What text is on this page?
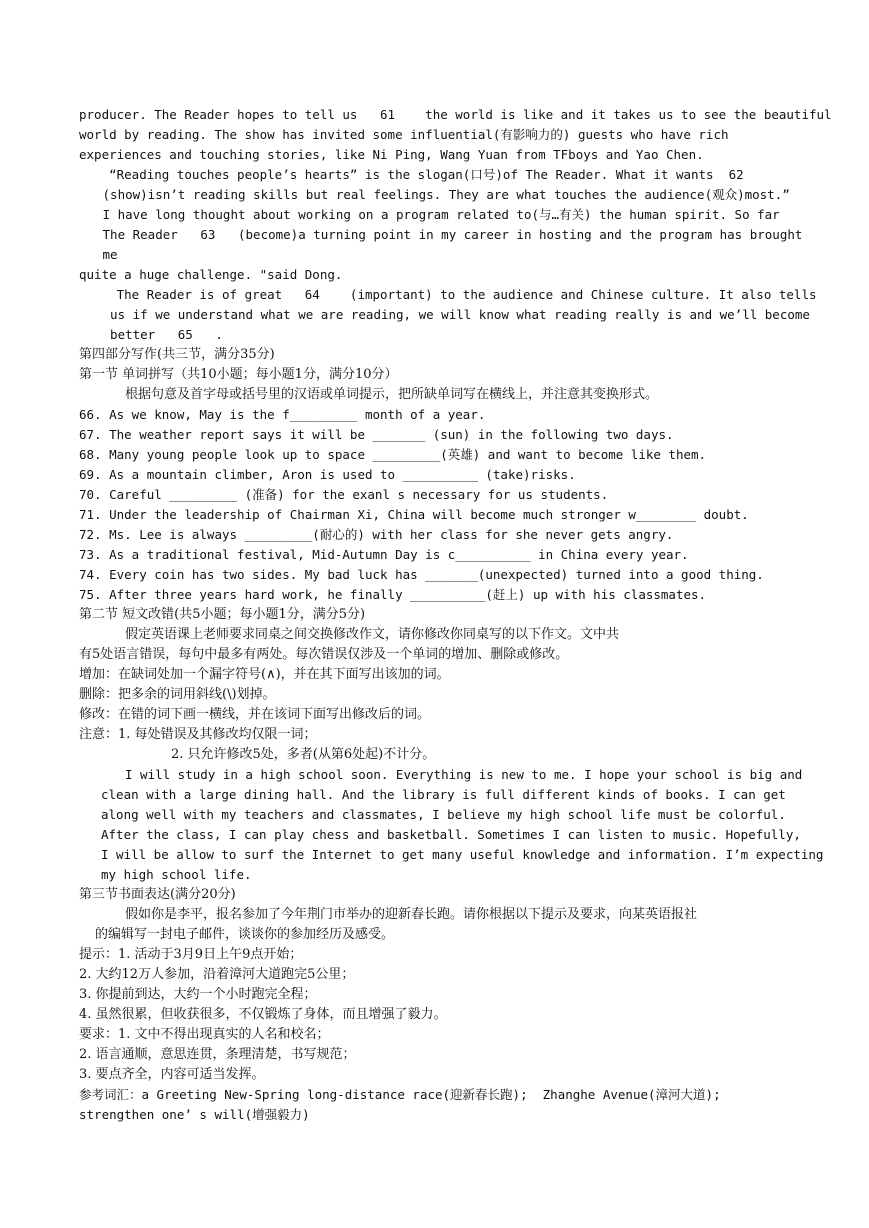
producer. The Reader hopes to tell us   61    the world is like and it takes us to see the beautiful
world by reading. The show has invited some influential(有影响力的) guests who have rich
experiences and touching stories, like Ni Ping, Wang Yuan from TFboys and Yao Chen.
“Reading touches people’s hearts” is the slogan(口号)of The Reader. What it wants  62
(show)isn’t reading skills but real feelings. They are what touches the audience(观众)most.”
I have long thought about working on a program related to(与…有关) the human spirit. So far
The Reader   63   (become)a turning point in my career in hosting and the program has brought
me
quite a huge challenge. "said Dong.
The Reader is of great   64    (important) to the audience and Chinese culture. It also tells
us if we understand what we are reading, we will know what reading really is and we’ll become
better   65   .
第四部分写作(共三节，满分35分)
第一节 单词拼写（共10小题；每小题1分，满分10分）
根据句意及首字母或括号里的汉语或单词提示，把所缺单词写在横线上，并注意其变换形式。
66. As we know, May is the f_________ month of a year.
67. The weather report says it will be _______ (sun) in the following two days.
68. Many young people look up to space _________(英雄) and want to become like them.
69. As a mountain climber, Aron is used to __________ (take)risks.
70. Careful _________ (准备) for the exanl s necessary for us students.
71. Under the leadership of Chairman Xi, China will become much stronger w________ doubt.
72. Ms. Lee is always _________(耐心的) with her class for she never gets angry.
73. As a traditional festival, Mid-Autumn Day is c__________ in China every year.
74. Every coin has two sides. My bad luck has _______(unexpected) turned into a good thing.
75. After three years hard work, he finally __________(赶上) up with his classmates.
第二节 短文改错(共5小题；每小题1分，满分5分)
假定英语课上老师要求同桌之间交换修改作文，请你修改你同桌写的以下作文。文中共
有5处语言错误，每句中最多有两处。每次错误仅涉及一个单词的增加、删除或修改。
增加：在缺词处加一个漏字符号(∧)，并在其下面写出该加的词。
删除：把多余的词用斜线(\)划掉。
修改：在错的词下画一横线，并在该词下面写出修改后的词。
注意：1. 每处错误及其修改均仅限一词；
2. 只允许修改5处，多者(从第6处起)不计分。
I will study in a high school soon. Everything is new to me. I hope your school is big and
clean with a large dining hall. And the library is full different kinds of books. I can get
along well with my teachers and classmates, I believe my high school life must be colorful.
After the class, I can play chess and basketball. Sometimes I can listen to music. Hopefully,
I will be allow to surf the Internet to get many useful knowledge and information. I’m expecting
my high school life.
第三节书面表达(满分20分)
假如你是李平，报名参加了今年荆门市举办的迎新春长跑。请你根据以下提示及要求，向某英语报社
的编辑写一封电子邮件，谈谈你的参加经历及感受。
提示：1. 活动于3月9日上午9点开始；
2. 大约12万人参加，沿着漳河大道跑完5公里；
3. 你提前到达，大约一个小时跑完全程；
4. 虽然很累，但收获很多，不仅锻炼了身体，而且增强了毅力。
要求：1. 文中不得出现真实的人名和校名；
2. 语言通顺，意思连贯，条理清楚，书写规范；
3. 要点齐全，内容可适当发挥。
参考词汇：a Greeting New-Spring long-distance race(迎新春长跑);  Zhanghe Avenue(漳河大道);
strengthen one’ s will(增强毅力)
